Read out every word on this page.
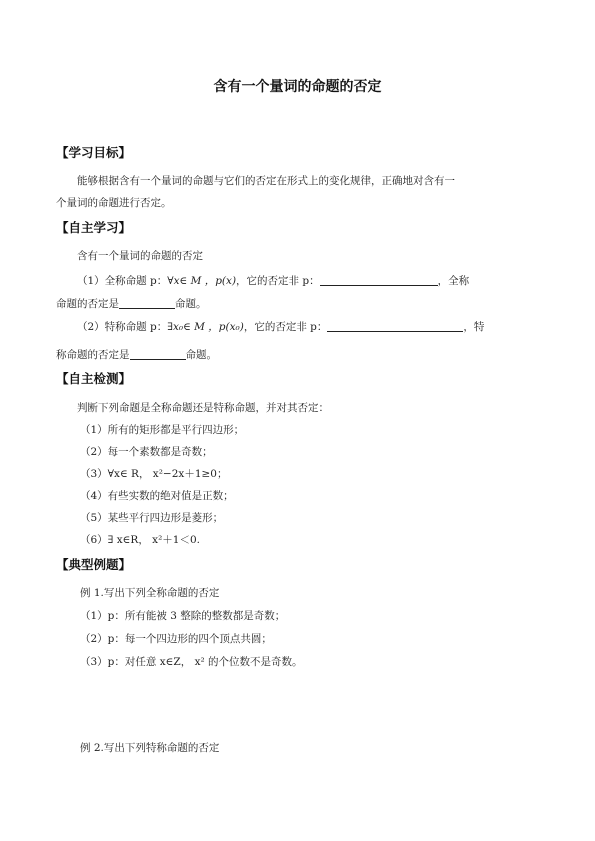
含有一个量词的命题的否定
【学习目标】
能够根据含有一个量词的命题与它们的否定在形式上的变化规律，正确地对含有一
个量词的命题进行否定。
【自主学习】
含有一个量词的命题的否定
（1）全称命题 p：∀x∈ M ，p(x)，它的否定非 p：	，全称
命题的否定是	命题。
（2）特称命题 p：∃x₀∈ M ，p(x₀)，它的否定非 p：	，特
称命题的否定是	命题。
【自主检测】
判断下列命题是全称命题还是特称命题，并对其否定：
（1）所有的矩形都是平行四边形；
（2）每一个素数都是奇数；
（3）∀x∈ R， x²−2x＋1≥0；
（4）有些实数的绝对值是正数；
（5）某些平行四边形是菱形；
（6）∃ x∈R， x²＋1＜0.
【典型例题】
例 1.写出下列全称命题的否定
（1）p：所有能被 3 整除的整数都是奇数；
（2）p：每一个四边形的四个顶点共圆；
（3）p：对任意 x∈Z， x² 的个位数不是奇数。
例 2.写出下列特称命题的否定
